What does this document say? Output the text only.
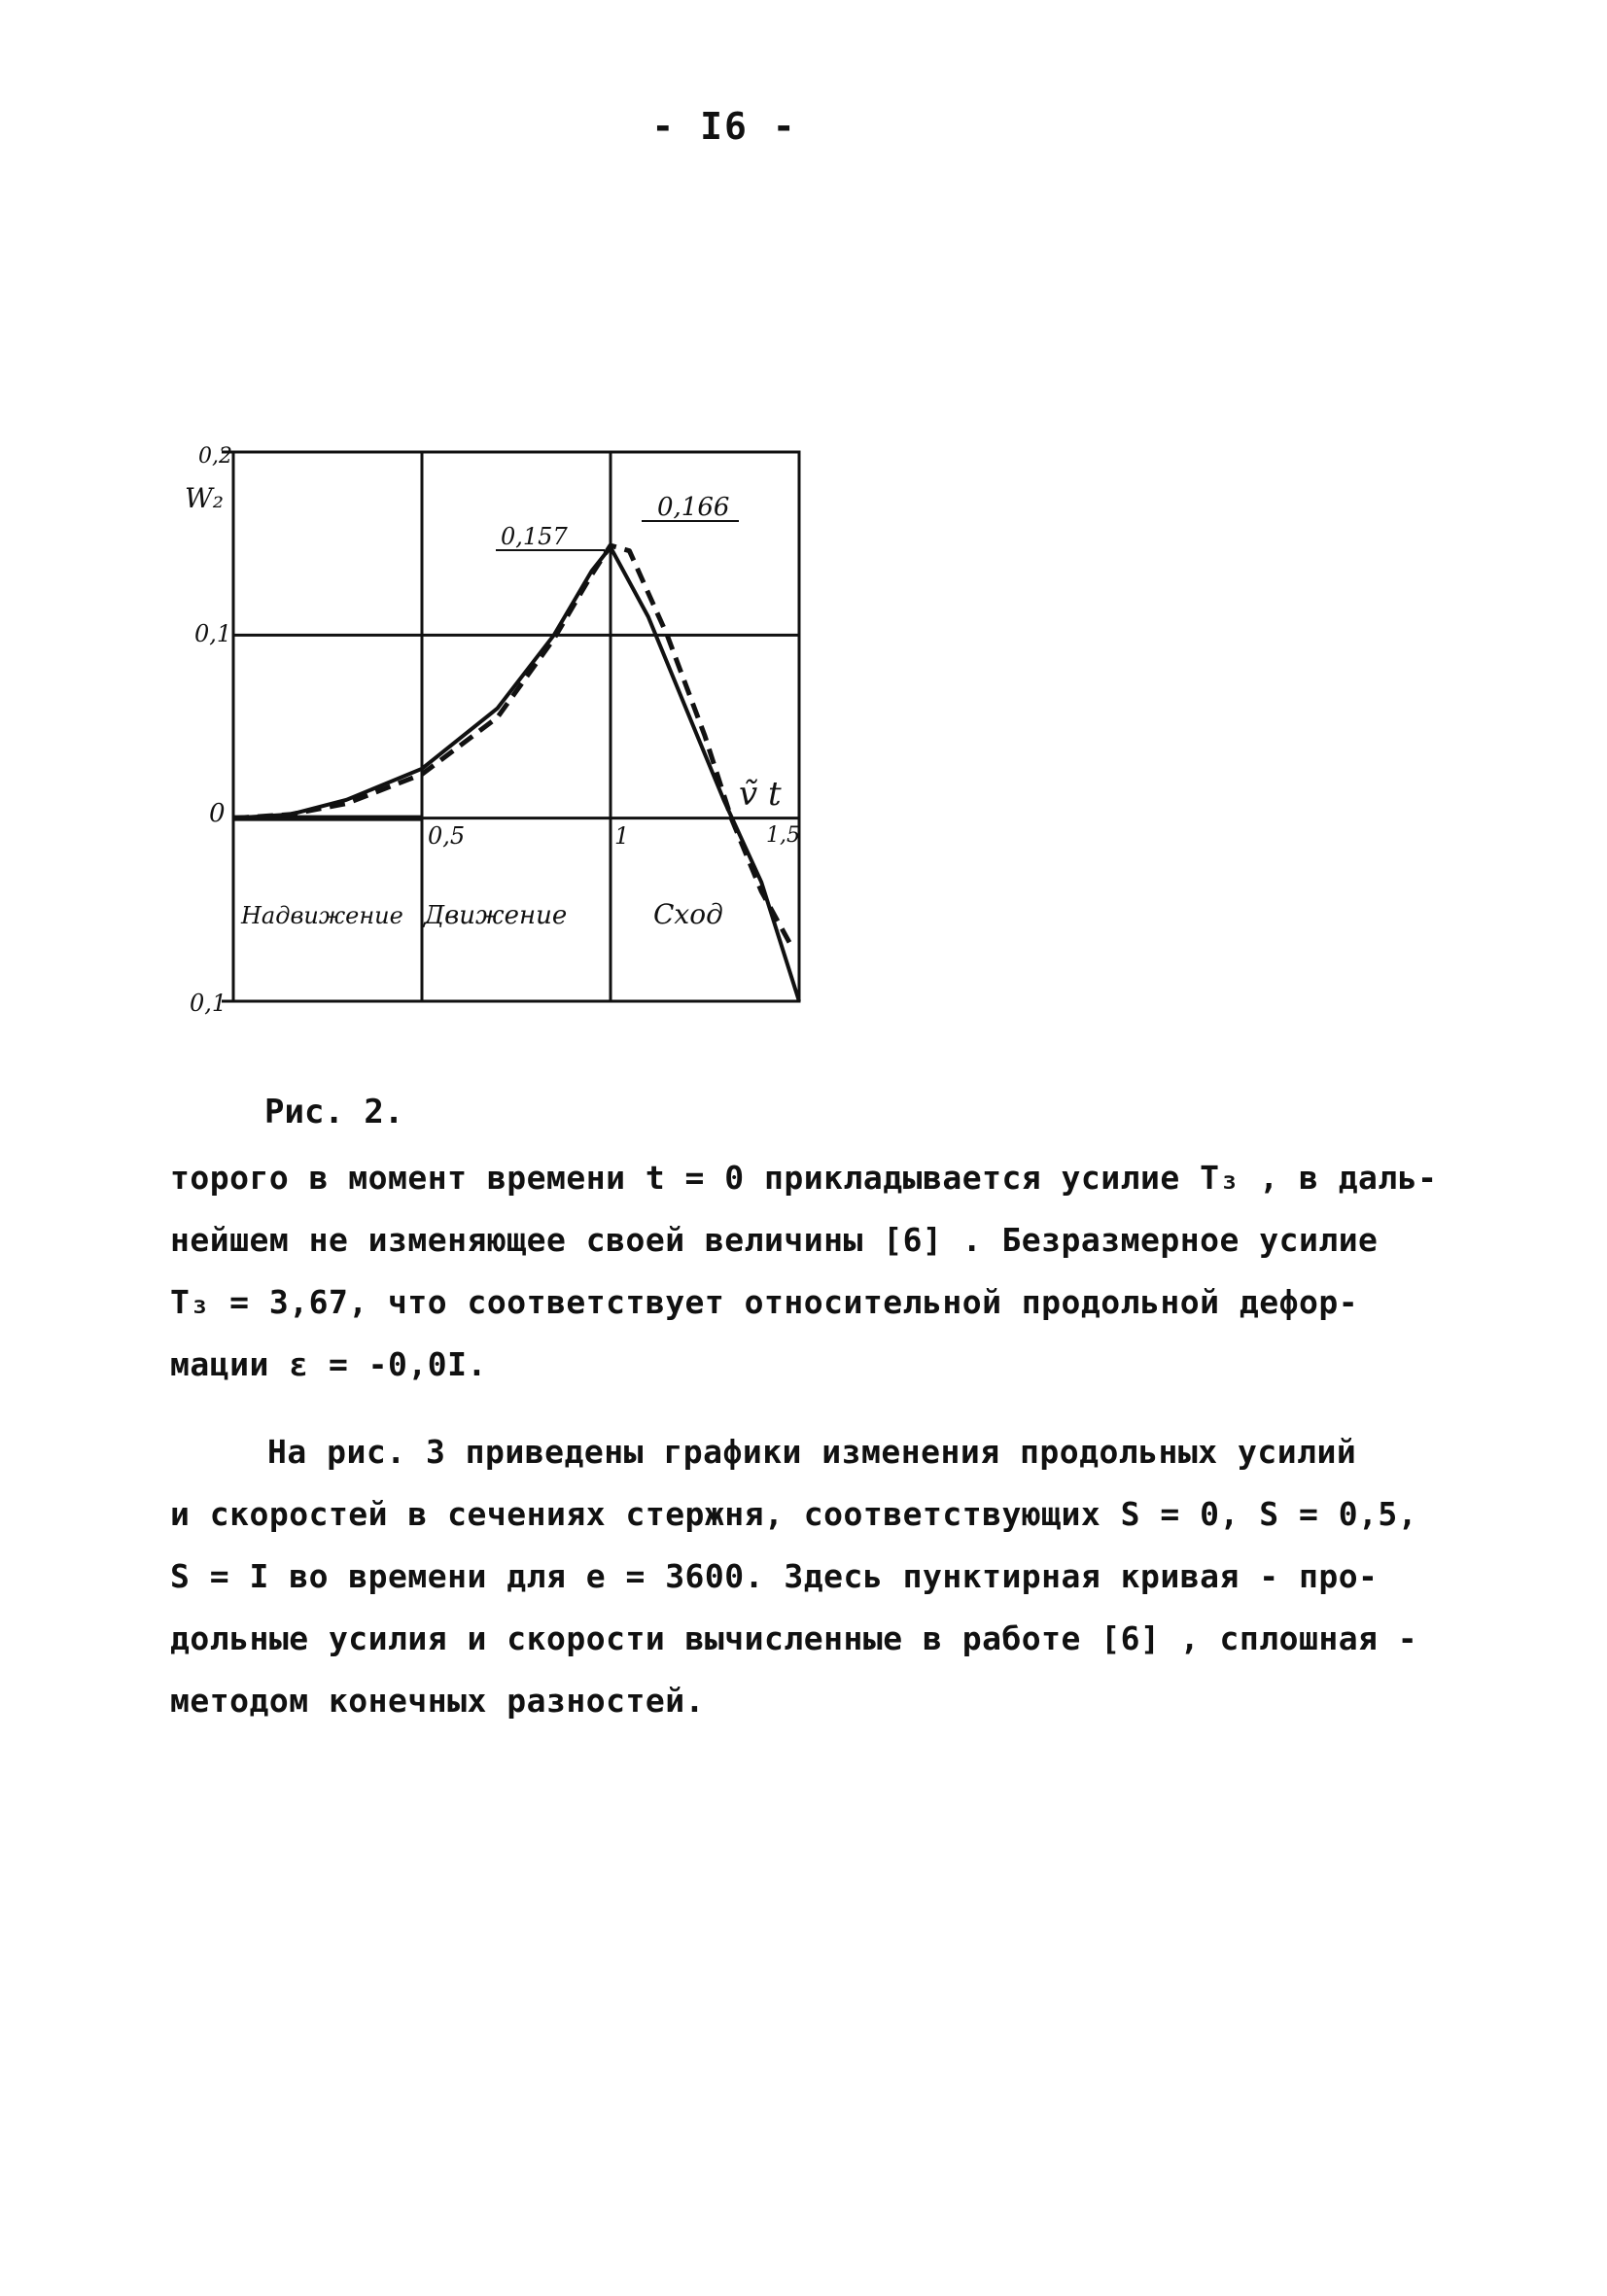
- I6 -
0,2
W₂
0,1
0
0,1
0,5	1	1,5
0,157
0,166
ṽ t
Надвижение Движение	Сход
Рис. 2.
торого в момент времени t = 0 прикладывается усилие T₃ , в даль-
нейшем не изменяющее своей величины [6] . Безразмерное усилие
T₃ = 3,67, что соответствует относительной продольной дефор-
мации ε = -0,0I.
На рис. 3 приведены графики изменения продольных усилий
и скоростей в сечениях стержня, соответствующих S = 0, S = 0,5,
S = I во времени для e = 3600. Здесь пунктирная кривая - про-
дольные усилия и скорости вычисленные в работе [6] , сплошная -
методом конечных разностей.
